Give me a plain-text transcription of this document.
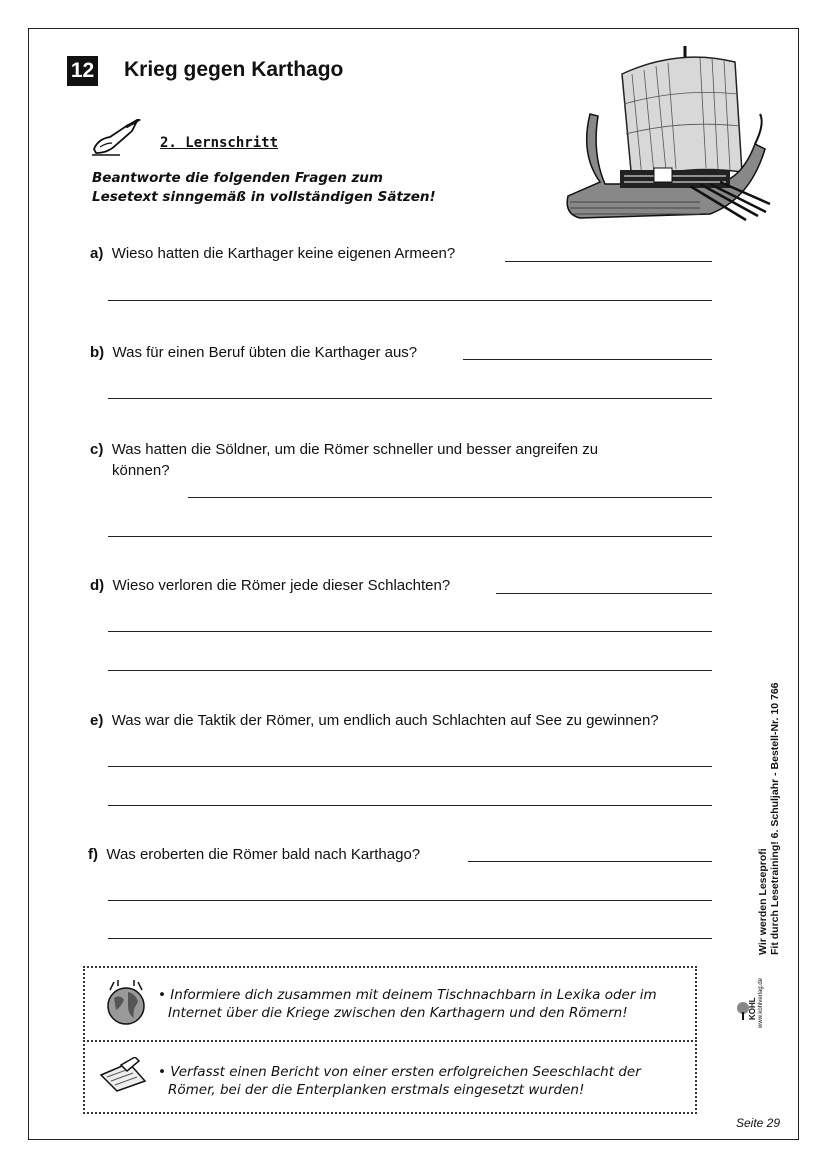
12 Krieg gegen Karthago
2. Lernschritt
Beantworte die folgenden Fragen zum
Lesetext sinngemäß in vollständigen Sätzen!
a) Wieso hatten die Karthager keine eigenen Armeen?
b) Was für einen Beruf übten die Karthager aus?
c) Was hatten die Söldner, um die Römer schneller und besser angreifen zu
können?
d) Wieso verloren die Römer jede dieser Schlachten?
e) Was war die Taktik der Römer, um endlich auch Schlachten auf See zu gewinnen?
f) Was eroberten die Römer bald nach Karthago?
• Informiere dich zusammen mit deinem Tischnachbarn in Lexika oder im
Internet über die Kriege zwischen den Karthagern und den Römern!
• Verfasst einen Bericht von einer ersten erfolgreichen Seeschlacht der
Römer, bei der die Enterplanken erstmals eingesetzt wurden!
Wir werden Leseprofi Fit durch Lesetraining! 6. Schuljahr - Bestell-Nr. 10 766
KOHL www.kohlverlag.de
Seite 29
